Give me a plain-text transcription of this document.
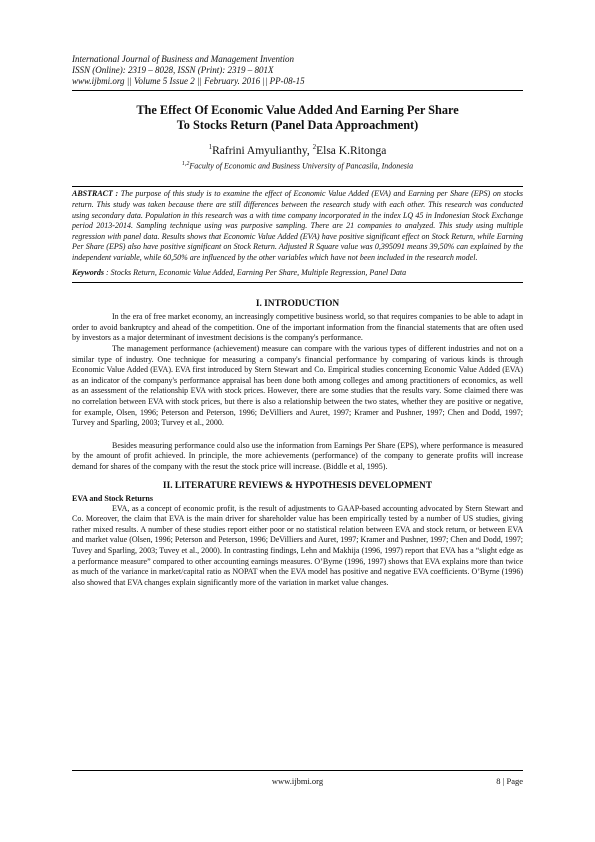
International Journal of Business and Management Invention
ISSN (Online): 2319 – 8028, ISSN (Print): 2319 – 801X
www.ijbmi.org || Volume 5 Issue 2 || February. 2016 || PP-08-15
The Effect Of Economic Value Added And Earning Per Share
To Stocks Return (Panel Data Approachment)
$^1$Rafrini Amyulianthy, $^2$Elsa K.Ritonga
$^{1,2}$Faculty of Economic and Business University of Pancasila, Indonesia
ABSTRACT : The purpose of this study is to examine the effect of Economic Value Added (EVA) and Earning per Share (EPS) on stocks return. This study was taken because there are still differences between the research study with each other. This research was conducted using secondary data. Population in this research was a with time company incorporated in the index LQ 45 in Indonesian Stock Exchange period 2013-2014. Sampling technique using was purposive sampling. There are 21 companies to analyzed. This study using multiple regression with panel data. Results shows that Economic Value Added (EVA) have positive significant effect on Stock Return, while Earning Per Share (EPS) also have positive significant on Stock Return. Adjusted R Square value was 0,395091 means 39,50% can explained by the independent variable, while 60,50% are influenced by the other variables which have not been included in the research model.
Keywords : Stocks Return, Economic Value Added, Earning Per Share, Multiple Regression, Panel Data
I. INTRODUCTION

In the era of free market economy, an increasingly competitive business world, so that requires companies to be able to adapt in order to avoid bankruptcy and ahead of the competition. One of the important information from the financial statements that are often used by investors as a major determinant of investment decisions is the company's performance.

The management performance (achievement) measure can compare with the various types of different industries and not on a similar type of industry. One technique for measuring a company's financial performance by comparing of various kinds is through Economic Value Added (EVA). EVA first introduced by Stern Stewart and Co. Empirical studies concerning Economic Value Added (EVA) as an indicator of the company's performance appraisal has been done both among colleges and among practitioners of economics, as well as an assessment of the relationship EVA with stock prices. However, there are some studies that the results vary. Some claimed there was no correlation between EVA with stock prices, but there is also a relationship between the two states, whether they are positive or negative, for example, Olsen, 1996; Peterson and Peterson, 1996; DeVilliers and Auret, 1997; Kramer and Pushner, 1997; Chen and Dodd, 1997; Turvey and Sparling, 2003; Turvey et al., 2000.

Besides measuring performance could also use the information from Earnings Per Share (EPS), where performance is measured by the amount of profit achieved. In principle, the more achievements (performance) of the company to generate profits will increase demand for shares of the company with the resut the stock price will increase. (Biddle et al, 1995).

II. LITERATURE REVIEWS & HYPOTHESIS DEVELOPMENT
EVA and Stock Returns

EVA, as a concept of economic profit, is the result of adjustments to GAAP-based accounting advocated by Stern Stewart and Co. Moreover, the claim that EVA is the main driver for shareholder value has been empirically tested by a number of US studies, giving rather mixed results. A number of these studies report either poor or no statistical relation between EVA and stock return, or between EVA and market value (Olsen, 1996; Peterson and Peterson, 1996; DeVilliers and Auret, 1997; Kramer and Pushner, 1997; Chen and Dodd, 1997; Tuvey and Sparling, 2003; Tuvey et al., 2000). In contrasting findings, Lehn and Makhija (1996, 1997) report that EVA has a “slight edge as a performance measure” compared to other accounting earnings measures. O’Byrne (1996, 1997) shows that EVA explains more than twice as much of the variance in market/capital ratio as NOPAT when the EVA model has positive and negative EVA coefficients. O’Byrne (1996) also showed that EVA changes explain significantly more of the variation in market value changes.

www.ijbmi.org	8 | Page
